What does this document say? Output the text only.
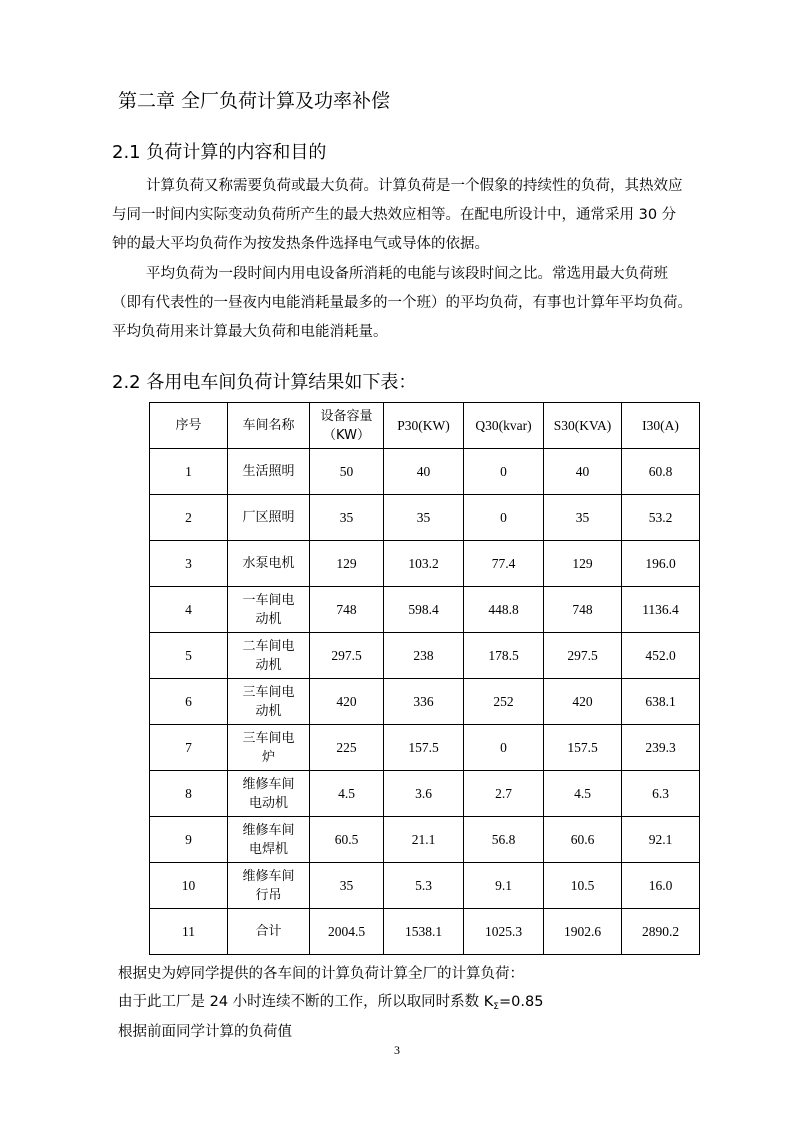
第二章 全厂负荷计算及功率补偿
2.1 负荷计算的内容和目的
计算负荷又称需要负荷或最大负荷。计算负荷是一个假象的持续性的负荷，其热效应
与同一时间内实际变动负荷所产生的最大热效应相等。在配电所设计中，通常采用 30 分
钟的最大平均负荷作为按发热条件选择电气或导体的依据。
平均负荷为一段时间内用电设备所消耗的电能与该段时间之比。常选用最大负荷班
（即有代表性的一昼夜内电能消耗量最多的一个班）的平均负荷，有事也计算年平均负荷。
平均负荷用来计算最大负荷和电能消耗量。
2.2 各用电车间负荷计算结果如下表：
序号	车间名称	设备容量
（KW）	P30(KW)	Q30(kvar)	S30(KVA)	I30(A)
1	生活照明	50	40	0	40	60.8
2	厂区照明	35	35	0	35	53.2
3	水泵电机	129	103.2	77.4	129	196.0
4	一车间电
动机	748	598.4	448.8	748	1136.4
5	二车间电
动机	297.5	238	178.5	297.5	452.0
6	三车间电
动机	420	336	252	420	638.1
7	三车间电
炉	225	157.5	0	157.5	239.3
8	维修车间
电动机	4.5	3.6	2.7	4.5	6.3
9	维修车间
电焊机	60.5	21.1	56.8	60.6	92.1
10	维修车间
行吊	35	5.3	9.1	10.5	16.0
11	合计	2004.5	1538.1	1025.3	1902.6	2890.2
根据史为婷同学提供的各车间的计算负荷计算全厂的计算负荷：
由于此工厂是 24 小时连续不断的工作，所以取同时系数 $K_\Sigma=0.85$
根据前面同学计算的负荷值
3
